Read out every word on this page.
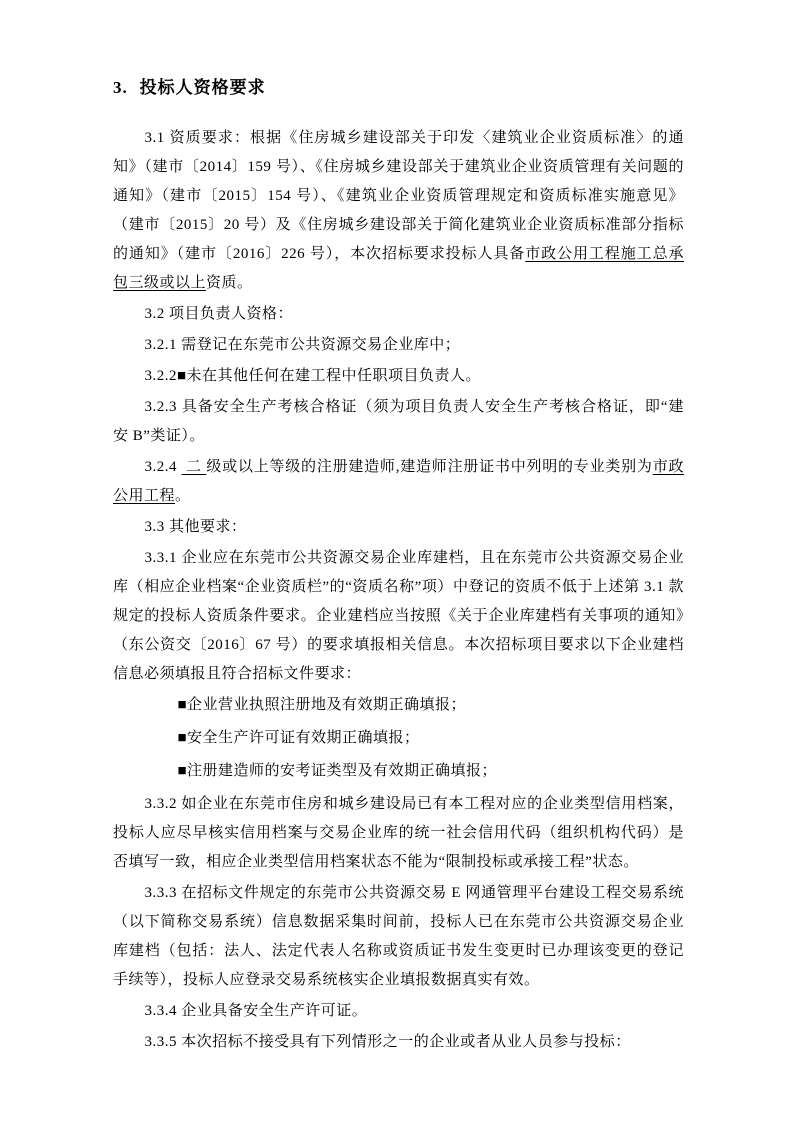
3. 投标人资格要求

3.1 资质要求：根据《住房城乡建设部关于印发〈建筑业企业资质标准〉的通知》（建市〔2014〕159 号）、《住房城乡建设部关于建筑业企业资质管理有关问题的通知》（建市〔2015〕154 号）、《建筑业企业资质管理规定和资质标准实施意见》（建市〔2015〕20 号）及《住房城乡建设部关于简化建筑业企业资质标准部分指标的通知》（建市〔2016〕226 号），本次招标要求投标人具备市政公用工程施工总承包三级或以上资质。

3.2 项目负责人资格：

3.2.1 需登记在东莞市公共资源交易企业库中；

3.2.2■未在其他任何在建工程中任职项目负责人。

3.2.3 具备安全生产考核合格证（须为项目负责人安全生产考核合格证，即“建安 B”类证）。

3.2.4  二 级或以上等级的注册建造师,建造师注册证书中列明的专业类别为市政公用工程。

3.3 其他要求：

3.3.1 企业应在东莞市公共资源交易企业库建档，且在东莞市公共资源交易企业库（相应企业档案“企业资质栏”的“资质名称”项）中登记的资质不低于上述第 3.1 款规定的投标人资质条件要求。企业建档应当按照《关于企业库建档有关事项的通知》（东公资交〔2016〕67 号）的要求填报相关信息。本次招标项目要求以下企业建档信息必须填报且符合招标文件要求：

■企业营业执照注册地及有效期正确填报；

■安全生产许可证有效期正确填报；

■注册建造师的安考证类型及有效期正确填报；

3.3.2 如企业在东莞市住房和城乡建设局已有本工程对应的企业类型信用档案，投标人应尽早核实信用档案与交易企业库的统一社会信用代码（组织机构代码）是否填写一致，相应企业类型信用档案状态不能为“限制投标或承接工程”状态。

3.3.3 在招标文件规定的东莞市公共资源交易 E 网通管理平台建设工程交易系统（以下简称交易系统）信息数据采集时间前，投标人已在东莞市公共资源交易企业库建档（包括：法人、法定代表人名称或资质证书发生变更时已办理该变更的登记手续等），投标人应登录交易系统核实企业填报数据真实有效。

3.3.4 企业具备安全生产许可证。

3.3.5 本次招标不接受具有下列情形之一的企业或者从业人员参与投标：
